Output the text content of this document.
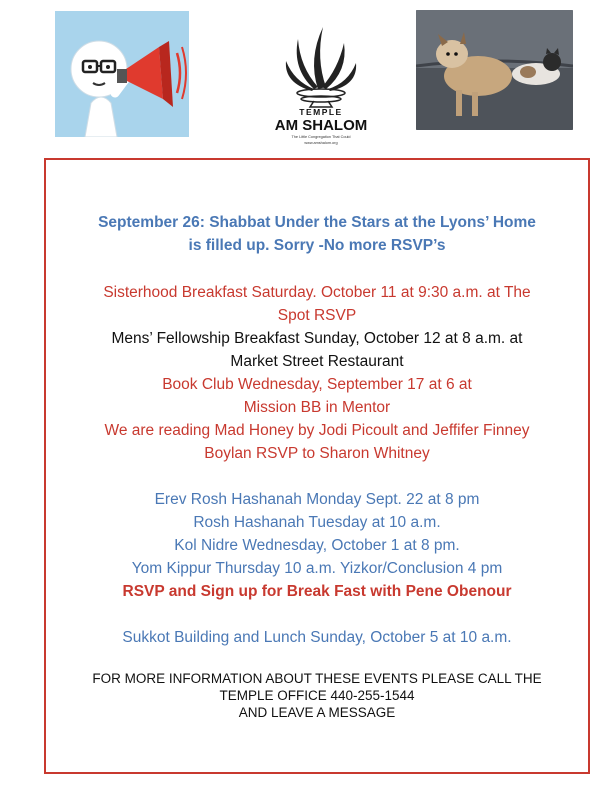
TEMPLE
AM SHALOM
The Little Congregation That Could
www.amshalom.org
September 26: Shabbat Under the Stars at the Lyons’ Home
is filled up. Sorry -No more RSVP’s
Sisterhood Breakfast Saturday. October 11 at 9:30 a.m. at The
Spot RSVP
Mens’ Fellowship Breakfast Sunday, October 12 at 8 a.m. at
Market Street Restaurant
Book Club Wednesday, September 17 at 6 at
Mission BB in Mentor
We are reading Mad Honey by Jodi Picoult and Jeffifer Finney
Boylan RSVP to Sharon Whitney
Erev Rosh Hashanah Monday Sept. 22 at 8 pm
Rosh Hashanah Tuesday at 10 a.m.
Kol Nidre Wednesday, October 1 at 8 pm.
Yom Kippur Thursday 10 a.m. Yizkor/Conclusion 4 pm
RSVP and Sign up for Break Fast with Pene Obenour
Sukkot Building and Lunch Sunday, October 5 at 10 a.m.
FOR MORE INFORMATION ABOUT THESE EVENTS PLEASE CALL THE
TEMPLE OFFICE 440-255-1544
AND LEAVE A MESSAGE
